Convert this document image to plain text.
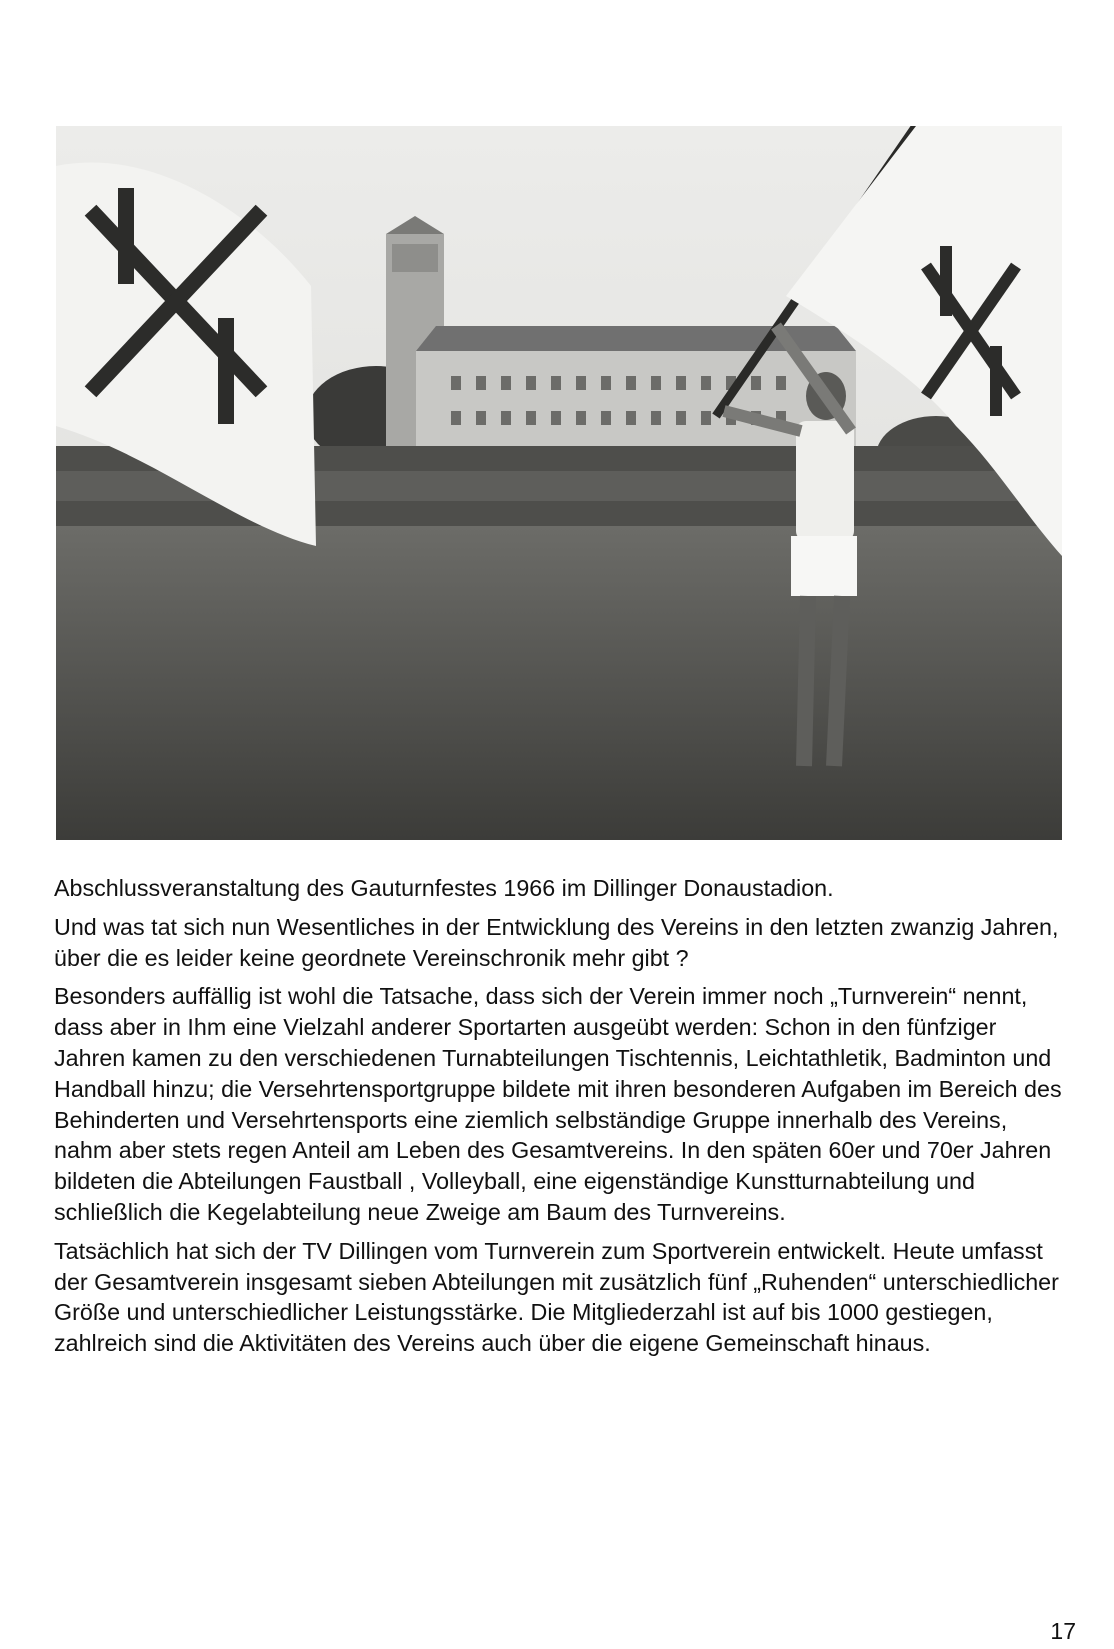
Abschlussveranstaltung des Gauturnfestes 1966 im Dillinger Donaustadion.

Und was tat sich nun Wesentliches in der Entwicklung des Vereins in den letzten zwanzig Jahren, über die es leider keine geordnete Vereinschronik mehr gibt ?

Besonders auffällig ist wohl die Tatsache, dass sich der Verein immer noch „Turnverein“ nennt, dass aber in Ihm eine Vielzahl anderer Sportarten ausgeübt werden: Schon in den fünfziger Jahren kamen zu den verschiedenen Turnabteilungen Tischtennis, Leichtathletik, Badminton und Handball hinzu; die Versehrtensportgruppe bildete mit ihren besonderen Aufgaben im Bereich des Behinderten und Versehrtensports eine ziemlich selbständige Gruppe innerhalb des Vereins, nahm aber stets regen Anteil am Leben des Gesamtvereins. In den späten 60er und 70er Jahren bildeten die Abteilungen Faustball , Volleyball, eine eigenständige Kunstturnabteilung und schließlich die Kegelabteilung neue Zweige am Baum des Turnvereins.

Tatsächlich hat sich der TV Dillingen vom Turnverein zum Sportverein entwickelt. Heute umfasst der Gesamtverein insgesamt sieben Abteilungen mit zusätzlich fünf „Ruhenden“ unterschiedlicher Größe und unterschiedlicher Leistungsstärke. Die Mitgliederzahl ist auf bis 1000 gestiegen, zahlreich sind die Aktivitäten des Vereins auch über die eigene Gemeinschaft hinaus.

17
